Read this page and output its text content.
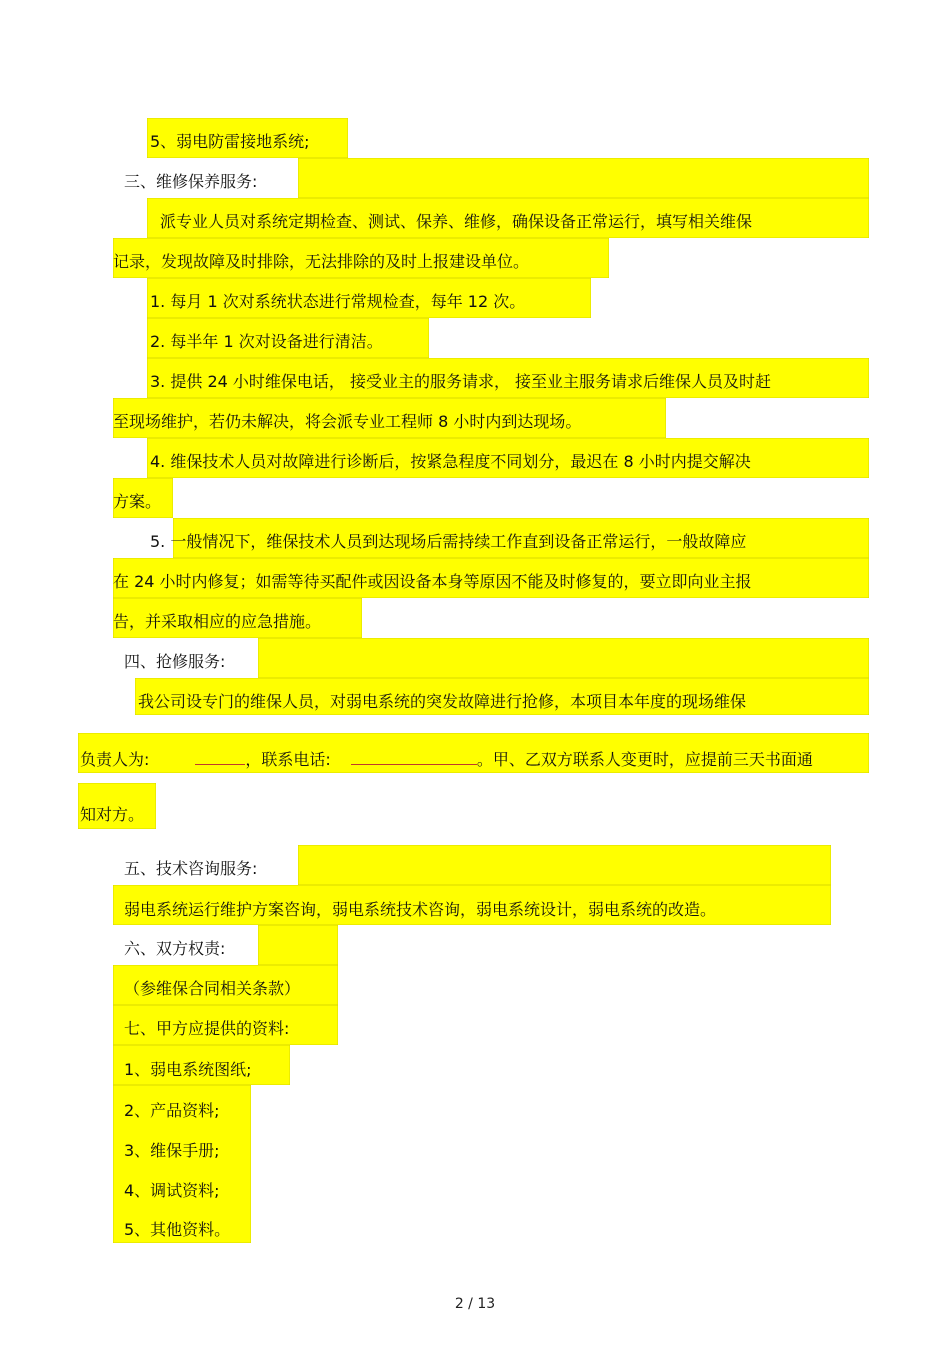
5、弱电防雷接地系统;
三、维修保养服务:
派专业人员对系统定期检查、测试、保养、维修，确保设备正常运行，填写相关维保
记录，发现故障及时排除，无法排除的及时上报建设单位。
1. 每月 1 次对系统状态进行常规检查，每年 12 次。
2. 每半年 1 次对设备进行清洁。
3. 提供 24 小时维保电话， 接受业主的服务请求， 接至业主服务请求后维保人员及时赶
至现场维护，若仍未解决，将会派专业工程师 8 小时内到达现场。
4. 维保技术人员对故障进行诊断后，按紧急程度不同划分，最迟在 8 小时内提交解决
方案。
5. 一般情况下，维保技术人员到达现场后需持续工作直到设备正常运行，一般故障应
在 24 小时内修复；如需等待买配件或因设备本身等原因不能及时修复的，要立即向业主报
告，并采取相应的应急措施。
四、抢修服务:
我公司设专门的维保人员，对弱电系统的突发故障进行抢修，本项目本年度的现场维保
负责人为:	，联系电话:	。甲、乙双方联系人变更时，应提前三天书面通
知对方。
五、技术咨询服务:
弱电系统运行维护方案咨询，弱电系统技术咨询，弱电系统设计，弱电系统的改造。
六、双方权责:
（参维保合同相关条款）
七、甲方应提供的资料:
1、弱电系统图纸;
2、产品资料;
3、维保手册;
4、调试资料;
5、其他资料。
2 / 13
